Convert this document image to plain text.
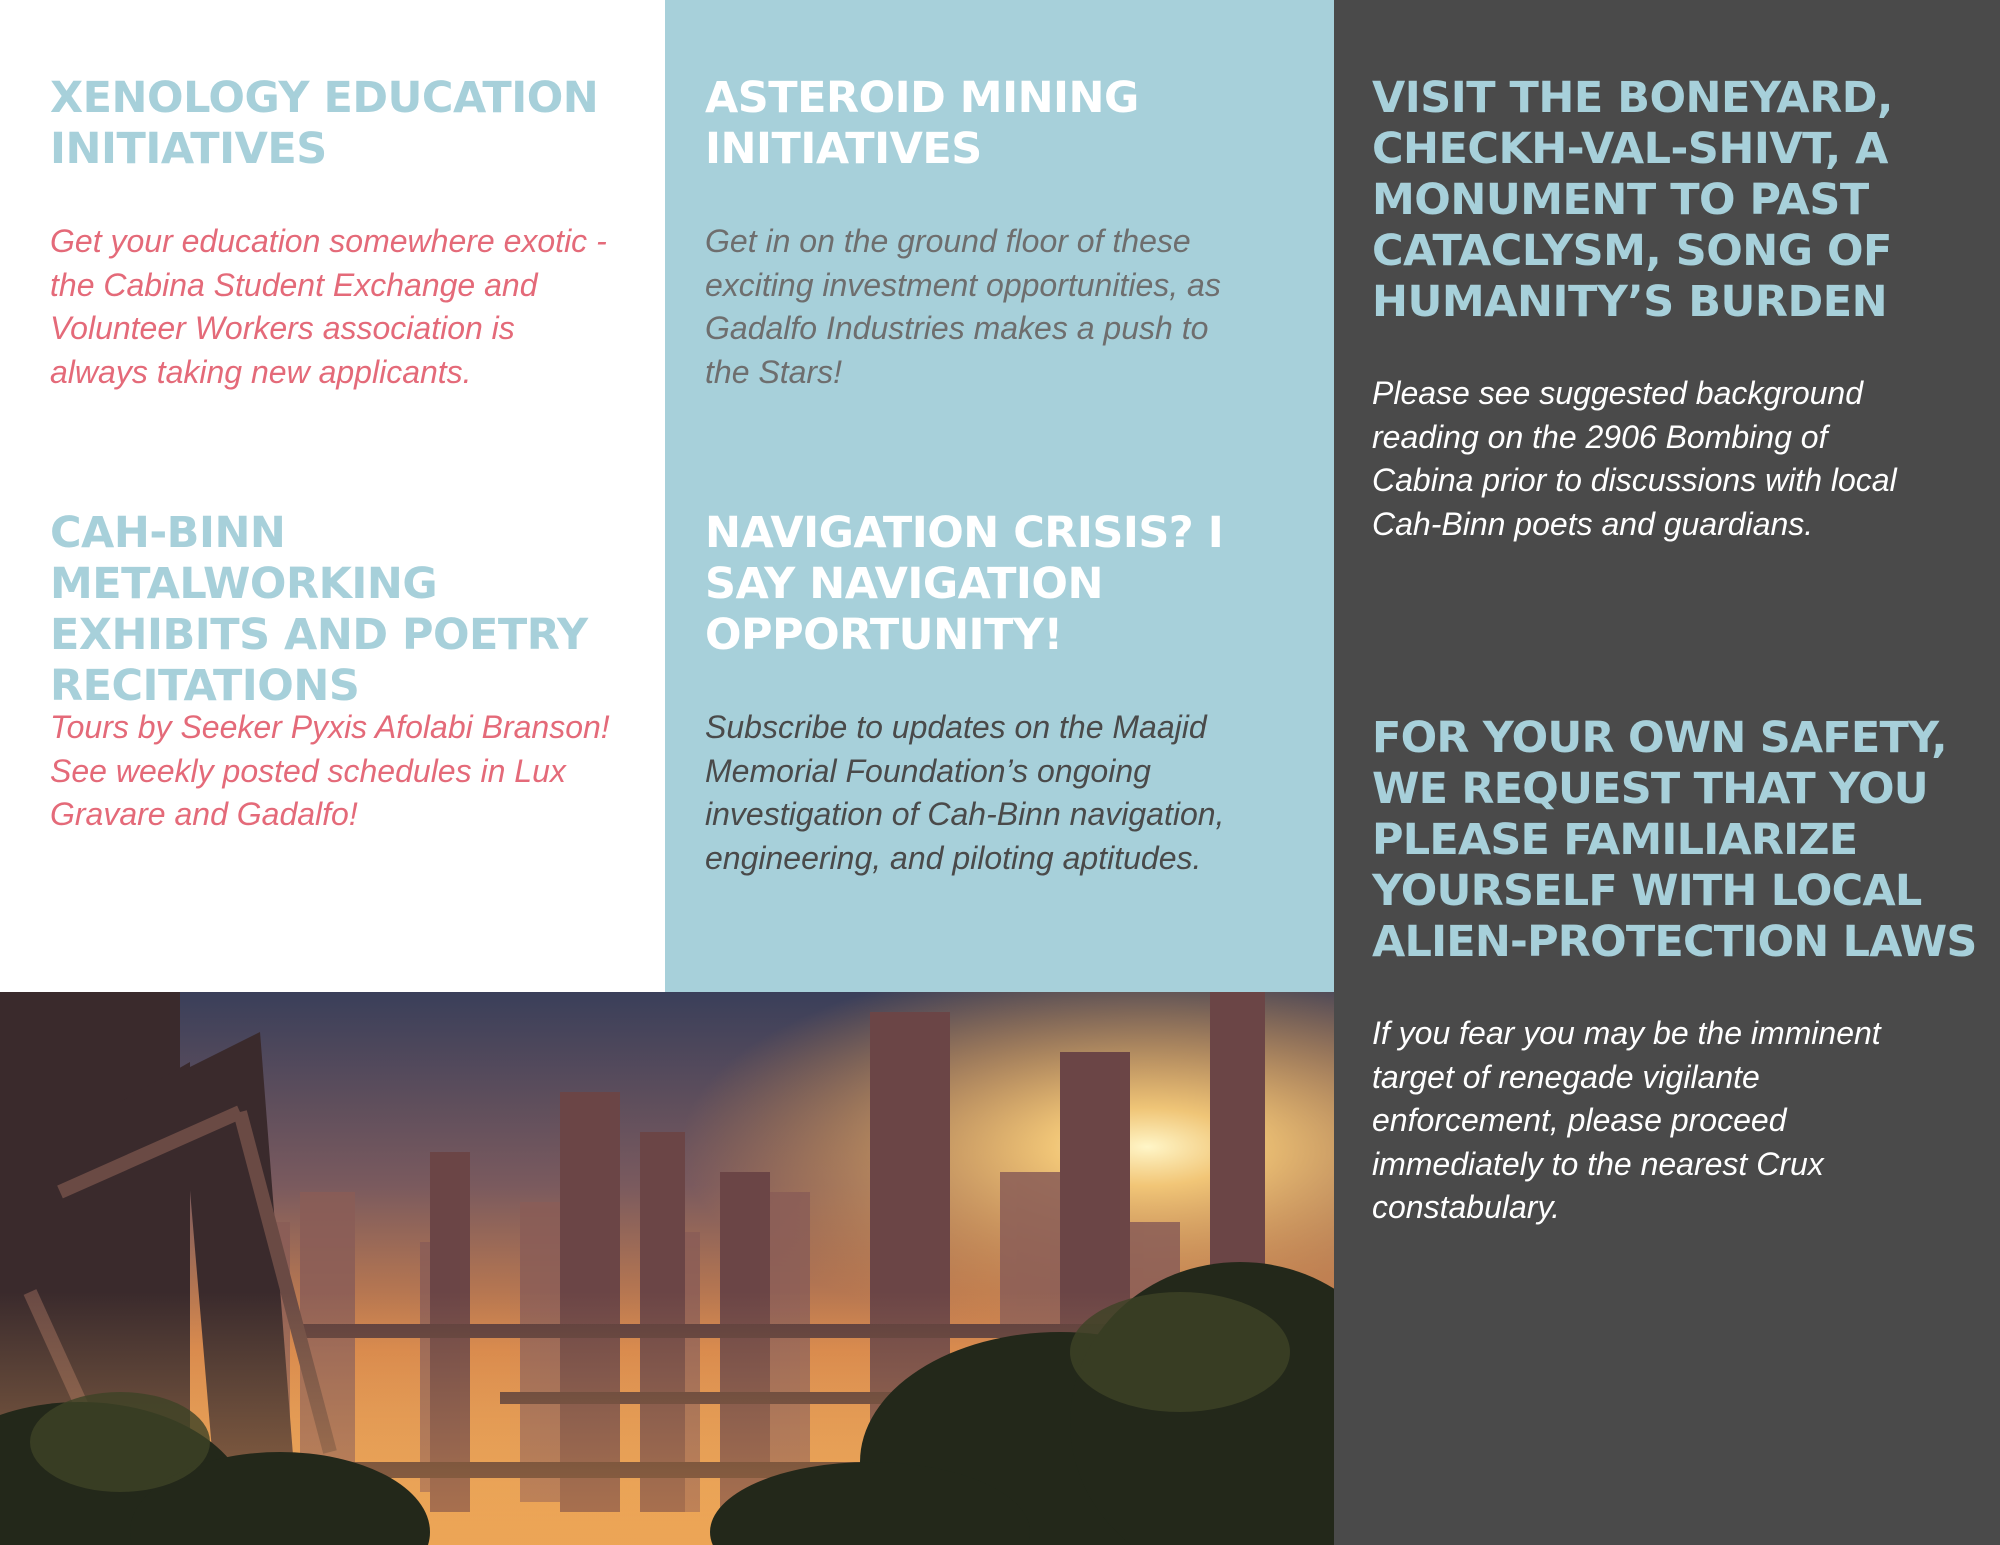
XENOLOGY EDUCATION INITIATIVES

Get your education somewhere exotic - the Cabina Student Exchange and Volunteer Workers association is always taking new applicants.

CAH-BINN METALWORKING EXHIBITS AND POETRY RECITATIONS

Tours by Seeker Pyxis Afolabi Branson! See weekly posted schedules in Lux Gravare and Gadalfo!

ASTEROID MINING INITIATIVES

Get in on the ground floor of these exciting investment opportunities, as Gadalfo Industries makes a push to the Stars!

NAVIGATION CRISIS? I SAY NAVIGATION OPPORTUNITY!

Subscribe to updates on the Maajid Memorial Foundation’s ongoing investigation of Cah-Binn navigation, engineering, and piloting aptitudes.

VISIT THE BONEYARD, CHECKH-VAL-SHIVT, A MONUMENT TO PAST CATACLYSM, SONG OF HUMANITY’S BURDEN

Please see suggested background reading on the 2906 Bombing of Cabina prior to discussions with local Cah-Binn poets and guardians.

FOR YOUR OWN SAFETY, WE REQUEST THAT YOU PLEASE FAMILIARIZE YOURSELF WITH LOCAL ALIEN-PROTECTION LAWS

If you fear you may be the imminent target of renegade vigilante enforcement, please proceed immediately to the nearest Crux constabulary.
